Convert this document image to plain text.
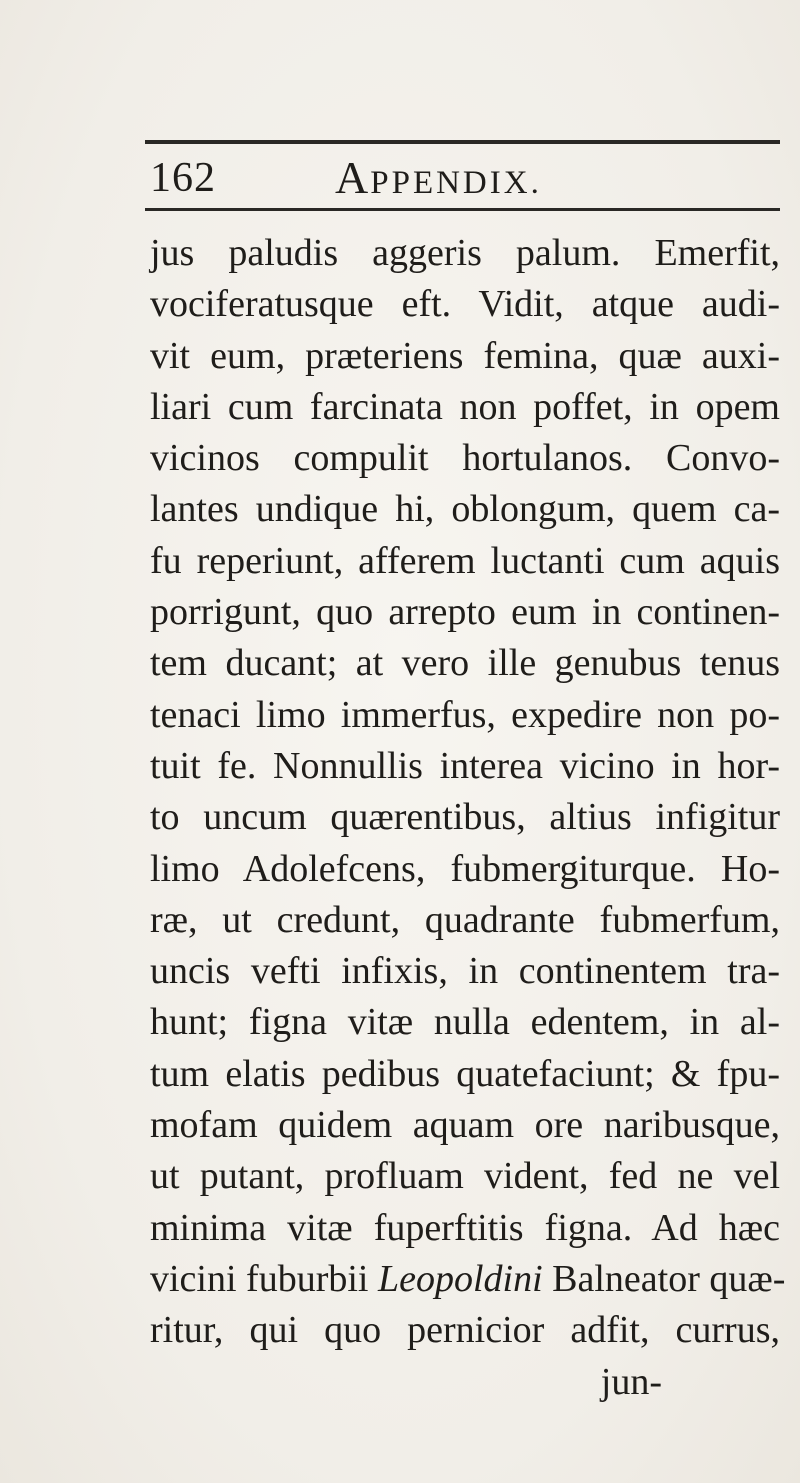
162	APPENDIX.
jus paludis aggeris palum. Emerfit,
vociferatusque eft. Vidit, atque audi-
vit eum, præteriens femina, quæ auxi-
liari cum farcinata non poffet, in opem
vicinos compulit hortulanos. Convo-
lantes undique hi, oblongum, quem ca-
fu reperiunt, afferem luctanti cum aquis
porrigunt, quo arrepto eum in continen-
tem ducant; at vero ille genubus tenus
tenaci limo immerfus, expedire non po-
tuit fe. Nonnullis interea vicino in hor-
to uncum quærentibus, altius infigitur
limo Adolefcens, fubmergiturque. Ho-
ræ, ut credunt, quadrante fubmerfum,
uncis vefti infixis, in continentem tra-
hunt; figna vitæ nulla edentem, in al-
tum elatis pedibus quatefaciunt; & fpu-
mofam quidem aquam ore naribusque,
ut putant, profluam vident, fed ne vel
minima vitæ fuperftitis figna. Ad hæc
vicini fuburbii Leopoldini Balneator quæ-
ritur, qui quo pernicior adfit, currus,
jun-
